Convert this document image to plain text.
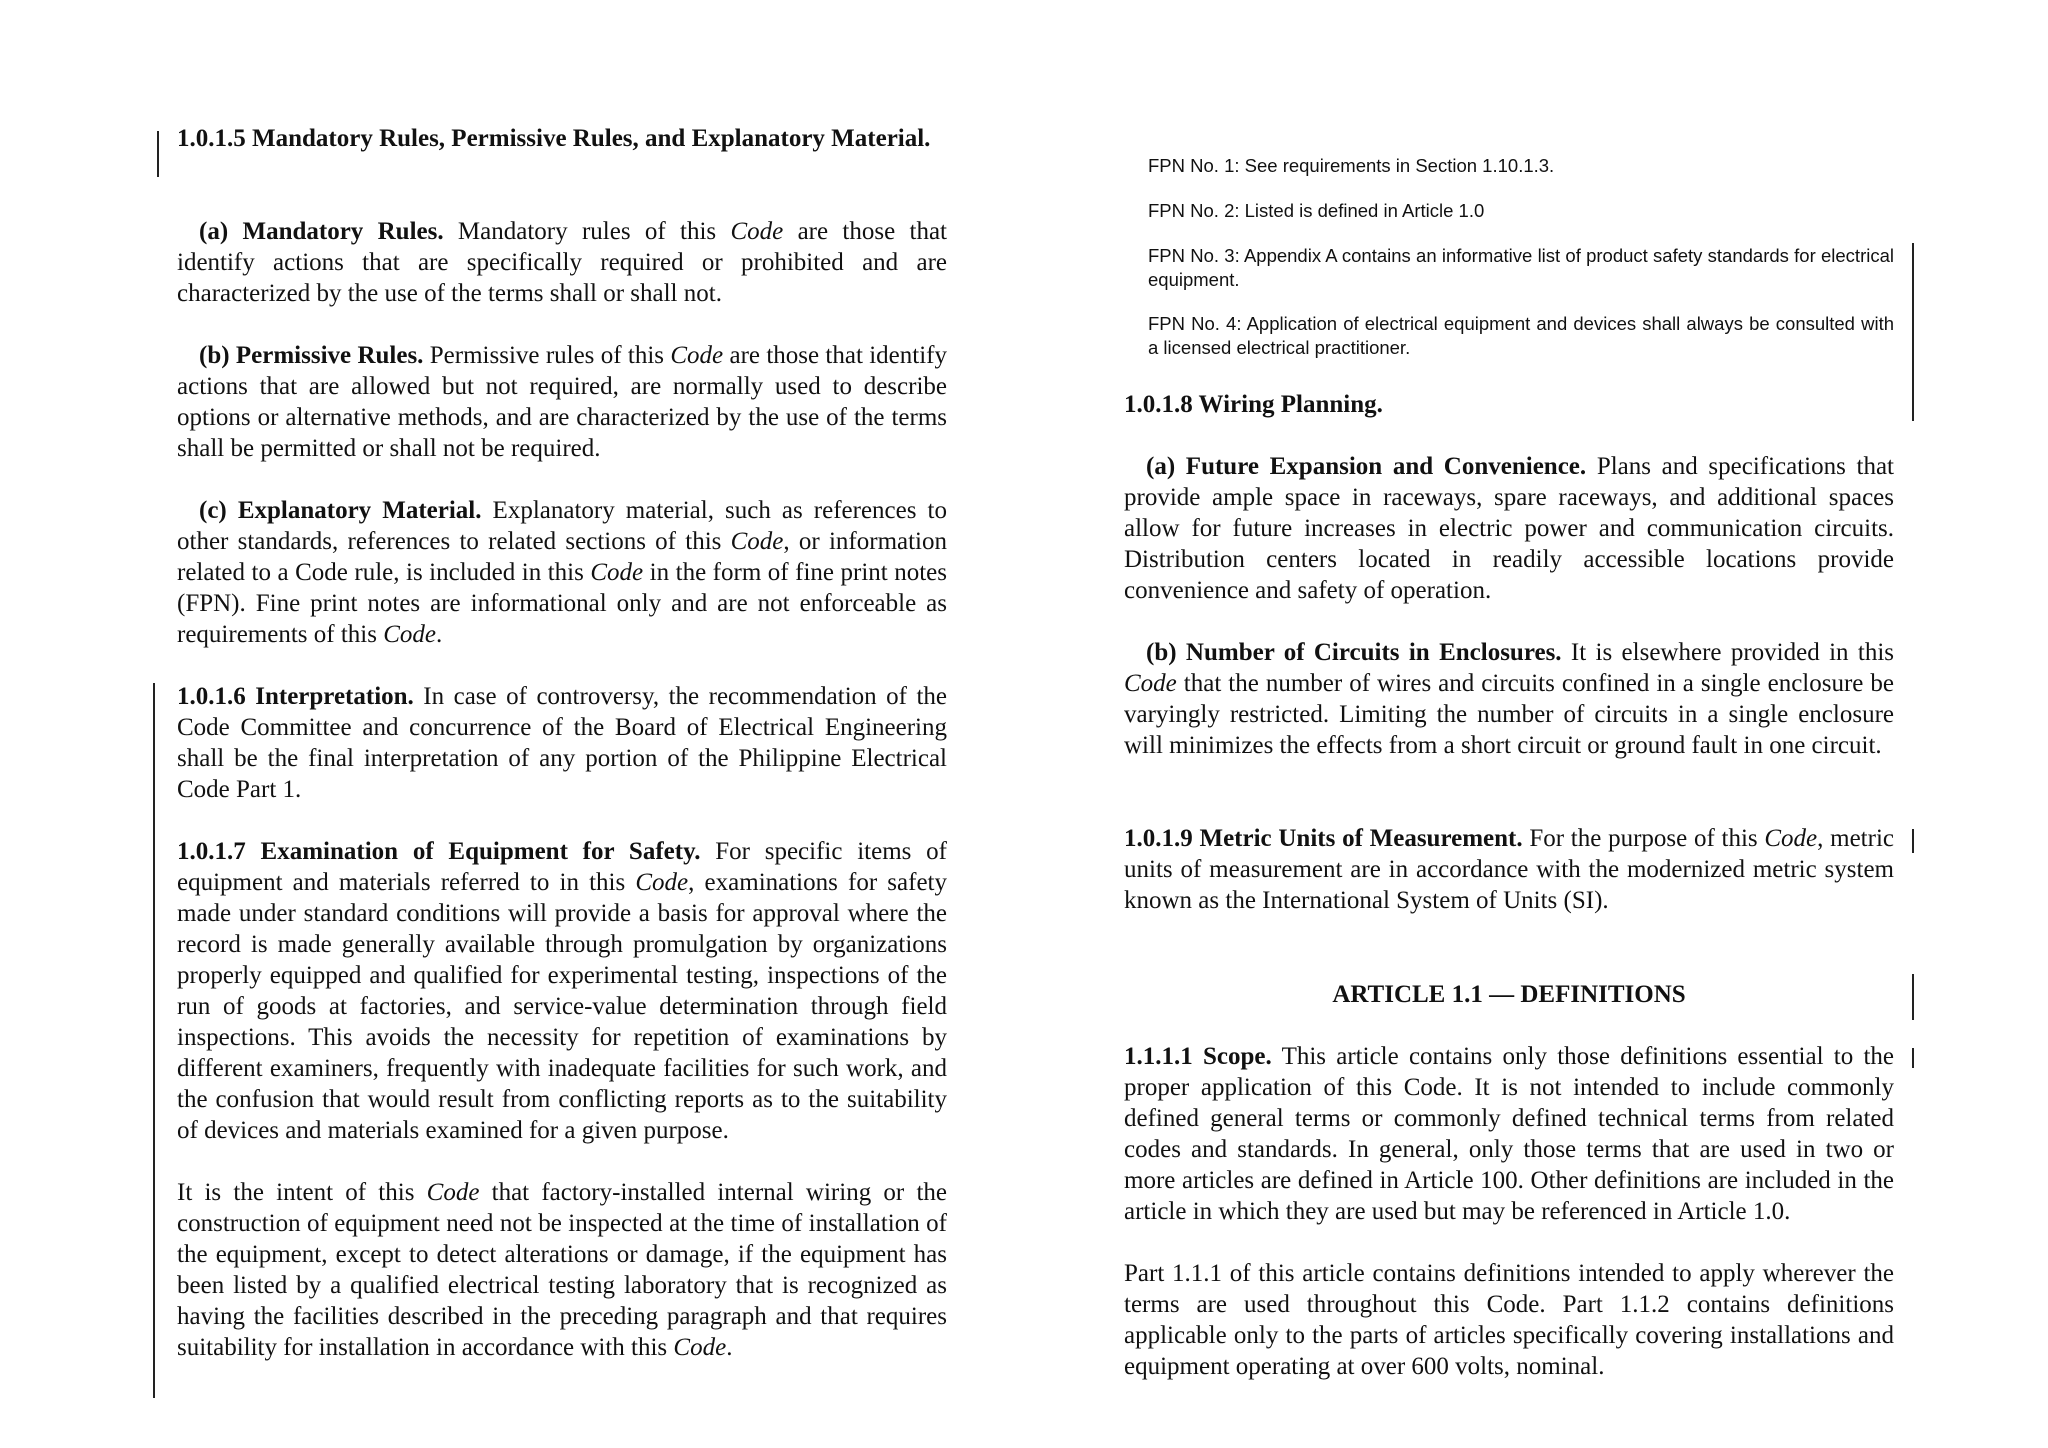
1.0.1.5 Mandatory Rules, Permissive Rules, and Explanatory Material.

(a) Mandatory Rules. Mandatory rules of this Code are those that identify actions that are specifically required or prohibited and are characterized by the use of the terms shall or shall not.

(b) Permissive Rules. Permissive rules of this Code are those that identify actions that are allowed but not required, are normally used to describe options or alternative methods, and are characterized by the use of the terms shall be permitted or shall not be required.

(c) Explanatory Material. Explanatory material, such as references to other standards, references to related sections of this Code, or information related to a Code rule, is included in this Code in the form of fine print notes (FPN). Fine print notes are informational only and are not enforceable as requirements of this Code.

1.0.1.6 Interpretation. In case of controversy, the recommendation of the Code Committee and concurrence of the Board of Electrical Engineering shall be the final interpretation of any portion of the Philippine Electrical Code Part 1.

1.0.1.7 Examination of Equipment for Safety. For specific items of equipment and materials referred to in this Code, examinations for safety made under standard conditions will provide a basis for approval where the record is made generally available through promulgation by organizations properly equipped and qualified for experimental testing, inspections of the run of goods at factories, and service-value determination through field inspections. This avoids the necessity for repetition of examinations by different examiners, frequently with inadequate facilities for such work, and the confusion that would result from conflicting reports as to the suitability of devices and materials examined for a given purpose.

It is the intent of this Code that factory-installed internal wiring or the construction of equipment need not be inspected at the time of installation of the equipment, except to detect alterations or damage, if the equipment has been listed by a qualified electrical testing laboratory that is recognized as having the facilities described in the preceding paragraph and that requires suitability for installation in accordance with this Code.

FPN No. 1: See requirements in Section 1.10.1.3.

FPN No. 2: Listed is defined in Article 1.0

FPN No. 3: Appendix A contains an informative list of product safety standards for electrical equipment.

FPN No. 4: Application of electrical equipment and devices shall always be consulted with a licensed electrical practitioner.

1.0.1.8 Wiring Planning.

(a) Future Expansion and Convenience. Plans and specifications that provide ample space in raceways, spare raceways, and additional spaces allow for future increases in electric power and communication circuits. Distribution centers located in readily accessible locations provide convenience and safety of operation.

(b) Number of Circuits in Enclosures. It is elsewhere provided in this Code that the number of wires and circuits confined in a single enclosure be varyingly restricted. Limiting the number of circuits in a single enclosure will minimizes the effects from a short circuit or ground fault in one circuit.

1.0.1.9 Metric Units of Measurement. For the purpose of this Code, metric units of measurement are in accordance with the modernized metric system known as the International System of Units (SI).

ARTICLE 1.1 — DEFINITIONS

1.1.1.1 Scope. This article contains only those definitions essential to the proper application of this Code. It is not intended to include commonly defined general terms or commonly defined technical terms from related codes and standards. In general, only those terms that are used in two or more articles are defined in Article 100. Other definitions are included in the article in which they are used but may be referenced in Article 1.0.

Part 1.1.1 of this article contains definitions intended to apply wherever the terms are used throughout this Code. Part 1.1.2 contains definitions applicable only to the parts of articles specifically covering installations and equipment operating at over 600 volts, nominal.
